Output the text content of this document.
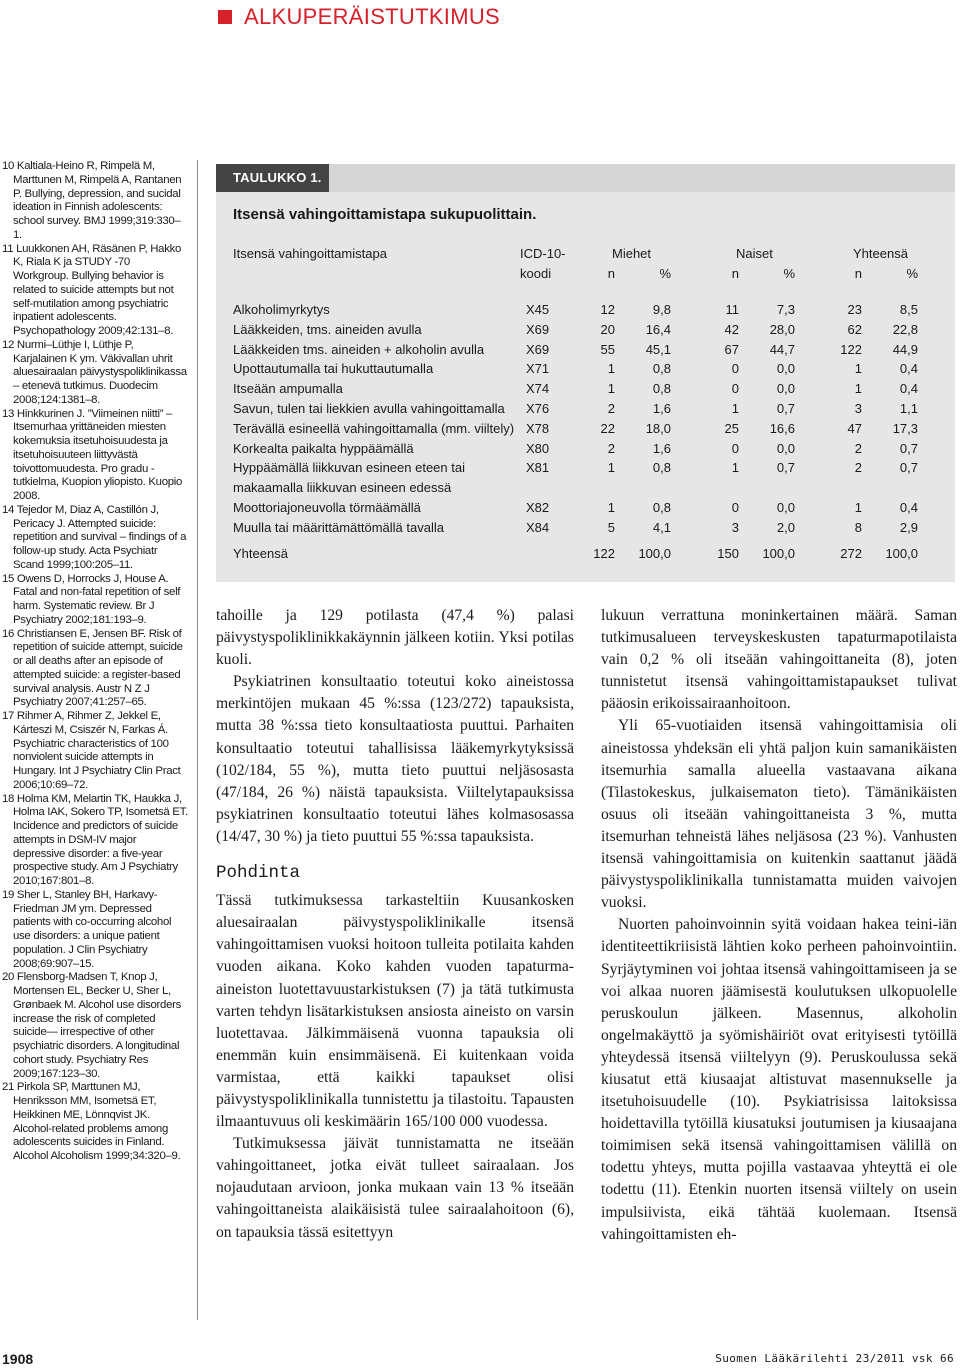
ALKUPERÄISTUTKIMUS

10 Kaltiala-Heino R, Rimpelä M, Marttunen M, Rimpelä A, Rantanen P. Bullying, depression, and sucidal ideation in Finnish adolescents: school survey. BMJ 1999;319:330–1.

11 Luukkonen AH, Räsänen P, Hakko K, Riala K ja STUDY -70 Workgroup. Bullying behavior is related to suicide attempts but not self-mutilation among psychiatric inpatient adolescents. Psychopathology 2009;42:131–8.

12 Nurmi–Lüthje I, Lüthje P, Karjalainen K ym. Väkivallan uhrit aluesairaalan päivystyspoliklinikassa – etenevä tutkimus. Duodecim 2008;124:1381–8.

13 Hinkkurinen J. ”Viimeinen niitti” – Itsemurhaa yrittäneiden miesten kokemuksia itsetuhoisuudesta ja itsetuhoisuuteen liittyvästä toivottomuudesta. Pro gradu -tutkielma, Kuopion yliopisto. Kuopio 2008.

14 Tejedor M, Diaz A, Castillón J, Pericacy J. Attempted suicide: repetition and survival – findings of a follow-up study. Acta Psychiatr Scand 1999;100:205–11.

15 Owens D, Horrocks J, House A. Fatal and non-fatal repetition of self harm. Systematic review. Br J Psychiatry 2002;181:193–9.

16 Christiansen E, Jensen BF. Risk of repetition of suicide attempt, suicide or all deaths after an episode of attempted suicide: a register-based survival analysis. Austr N Z J Psychiatry 2007;41:257–65.

17 Rihmer A, Rihmer Z, Jekkel E, Kárteszi M, Csiszér N, Farkas Á. Psychiatric characteristics of 100 nonviolent suicide attempts in Hungary. Int J Psychiatry Clin Pract 2006;10:69–72.

18 Holma KM, Melartin TK, Haukka J, Holma IAK, Sokero TP, Isometsä ET. Incidence and predictors of suicide attempts in DSM-IV major depressive disorder: a five-year prospective study. Am J Psychiatry 2010;167:801–8.

19 Sher L, Stanley BH, Harkavy-Friedman JM ym. Depressed patients with co-occurring alcohol use disorders: a unique patient population. J Clin Psychiatry 2008;69:907–15.

20 Flensborg-Madsen T, Knop J, Mortensen EL, Becker U, Sher L, Grønbaek M. Alcohol use disorders increase the risk of completed suicide— irrespective of other psychiatric disorders. A longitudinal cohort study. Psychiatry Res 2009;167:123–30.

21 Pirkola SP, Marttunen MJ, Henriksson MM, Isometsä ET, Heikkinen ME, Lönnqvist JK. Alcohol-related problems among adolescents suicides in Finland. Alcohol Alcoholism 1999;34:320–9.

TAULUKKO 1.
Itsensä vahingoittamistapa sukupuolittain.
Itsensä vahingoittamistapa	ICD-10-	Miehet	Naiset	Yhteensä
koodi	n	%	n	%	n	%
Alkoholimyrkytys	X45	12	9,8	11	7,3	23	8,5
Lääkkeiden, tms. aineiden avulla	X69	20 16,4	42 28,0	62 22,8
Lääkkeiden tms. aineiden + alkoholin avulla	X69	55 45,1	67 44,7	122 44,9
Upottautumalla tai hukuttautumalla	X71	1	0,8	0	0,0	1	0,4
Itseään ampumalla	X74	1	0,8	0	0,0	1	0,4
Savun, tulen tai liekkien avulla vahingoittamalla X76	2	1,6	1	0,7	3	1,1
Terävällä esineellä vahingoittamalla (mm. viiltely) X78	22 18,0	25 16,6	47 17,3
Korkealta paikalta hyppäämällä	X80	2	1,6	0	0,0	2	0,7
Hyppäämällä liikkuvan esineen eteen tai	X81	1	0,8	1	0,7	2	0,7
makaamalla liikkuvan esineen edessä
Moottoriajoneuvolla törmäämällä	X82	1	0,8	0	0,0	1	0,4
Muulla tai määrittämättömällä tavalla	X84	5	4,1	3	2,0	8	2,9
Yhteensä	122 100,0	150 100,0	272 100,0

tahoille ja 129 potilasta (47,4 %) palasi päivystyspoliklinikkakäynnin jälkeen kotiin. Yksi potilas kuoli.

Psykiatrinen konsultaatio toteutui koko aineistossa merkintöjen mukaan 45 %:ssa (123/272) tapauksista, mutta 38 %:ssa tieto konsultaatiosta puuttui. Parhaiten konsultaatio toteutui tahallisissa lääkemyrkytyksissä (102/184, 55 %), mutta tieto puuttui neljäsosasta (47/184, 26 %) näistä tapauksista. Viiltelytapauksissa psykiatrinen konsultaatio toteutui lähes kolmasosassa (14/47, 30 %) ja tieto puuttui 55 %:ssa tapauksista.

Pohdinta

Tässä tutkimuksessa tarkasteltiin Kuusankosken aluesairaalan päivystyspoliklinikalle itsensä vahingoittamisen vuoksi hoitoon tulleita potilaita kahden vuoden aikana. Koko kahden vuoden tapaturma-aineiston luotettavuustarkistuksen (7) ja tätä tutkimusta varten tehdyn lisätarkistuksen ansiosta aineisto on varsin luotettavaa. Jälkimmäisenä vuonna tapauksia oli enemmän kuin ensimmäisenä. Ei kuitenkaan voida varmistaa, että kaikki tapaukset olisi päivystyspoliklinikalla tunnistettu ja tilastoitu. Tapausten ilmaantuvuus oli keskimäärin 165/100 000 vuodessa.

Tutkimuksessa jäivät tunnistamatta ne itseään vahingoittaneet, jotka eivät tulleet sairaalaan. Jos nojaudutaan arvioon, jonka mukaan vain 13 % itseään vahingoittaneista alaikäisistä tulee sairaalahoitoon (6), on tapauksia tässä esitettyyn

lukuun verrattuna moninkertainen määrä. Saman tutkimusalueen terveyskeskusten tapaturmapotilaista vain 0,2 % oli itseään vahingoittaneita (8), joten tunnistetut itsensä vahingoittamistapaukset tulivat pääosin erikoissairaanhoitoon.

Yli 65-vuotiaiden itsensä vahingoittamisia oli aineistossa yhdeksän eli yhtä paljon kuin samanikäisten itsemurhia samalla alueella vastaavana aikana (Tilastokeskus, julkaisematon tieto). Tämänikäisten osuus oli itseään vahingoittaneista 3 %, mutta itsemurhan tehneistä lähes neljäsosa (23 %). Vanhusten itsensä vahingoittamisia on kuitenkin saattanut jäädä päivystyspoliklinikalla tunnistamatta muiden vaivojen vuoksi.

Nuorten pahoinvoinnin syitä voidaan hakea teini-iän identiteettikriisistä lähtien koko perheen pahoinvointiin. Syrjäytyminen voi johtaa itsensä vahingoittamiseen ja se voi alkaa nuoren jäämisestä koulutuksen ulkopuolelle peruskoulun jälkeen. Masennus, alkoholin ongelmakäyttö ja syömishäiriöt ovat erityisesti tytöillä yhteydessä itsensä viiltelyyn (9). Peruskoulussa sekä kiusatut että kiusaajat altistuvat masennukselle ja itsetuhoisuudelle (10). Psykiatrisissa laitoksissa hoidettavilla tytöillä kiusatuksi joutumisen ja kiusaajana toimimisen sekä itsensä vahingoittamisen välillä on todettu yhteys, mutta pojilla vastaavaa yhteyttä ei ole todettu (11). Etenkin nuorten itsensä viiltely on usein impulsiivista, eikä tähtää kuolemaan. Itsensä vahingoittamisten eh-

1908	Suomen Lääkärilehti 23/2011 vsk 66
